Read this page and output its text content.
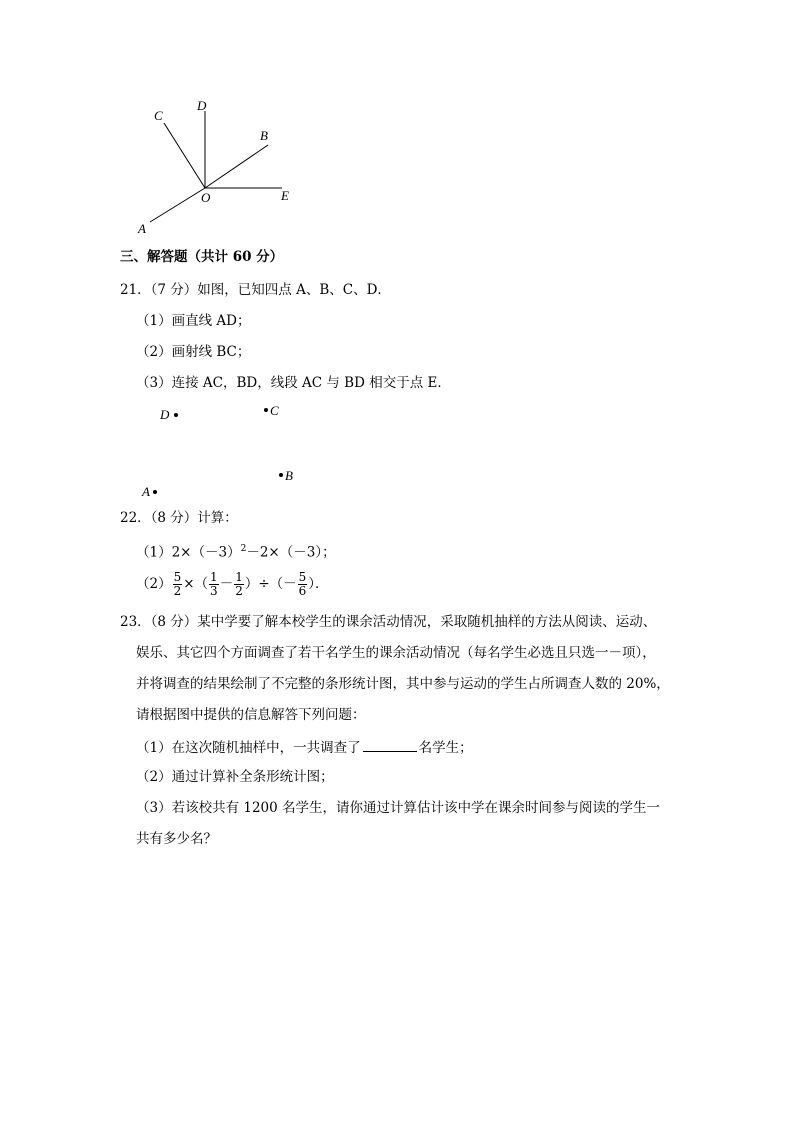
C
D
B
O	E
A
三、解答题（共计 60 分）
21．（7 分）如图，已知四点 A、B、C、D．
（1）画直线 AD；
（2）画射线 BC；
（3）连接 AC，BD，线段 AC 与 BD 相交于点 E．
D	C
B
A
22．（8 分）计算：
$(1)2\times(-3)^2-2\times(-3)$；
$(2) \frac{5}{2}$ ×（ $\frac{1}{3} - \frac{1}{2}$ ）÷（－ $\frac{5}{6}$ ）．
23．（8 分）某中学要了解本校学生的课余活动情况，采取随机抽样的方法从阅读、运动、
娱乐、其它四个方面调查了若干名学生的课余活动情况（每名学生必选且只选一－项），
并将调查的结果绘制了不完整的条形统计图，其中参与运动的学生占所调查人数的 20%，
请根据图中提供的信息解答下列问题：
（1）在这次随机抽样中，一共调查了	名学生；
（2）通过计算补全条形统计图；
（3）若该校共有 1200 名学生，请你通过计算估计该中学在课余时间参与阅读的学生一
共有多少名？
